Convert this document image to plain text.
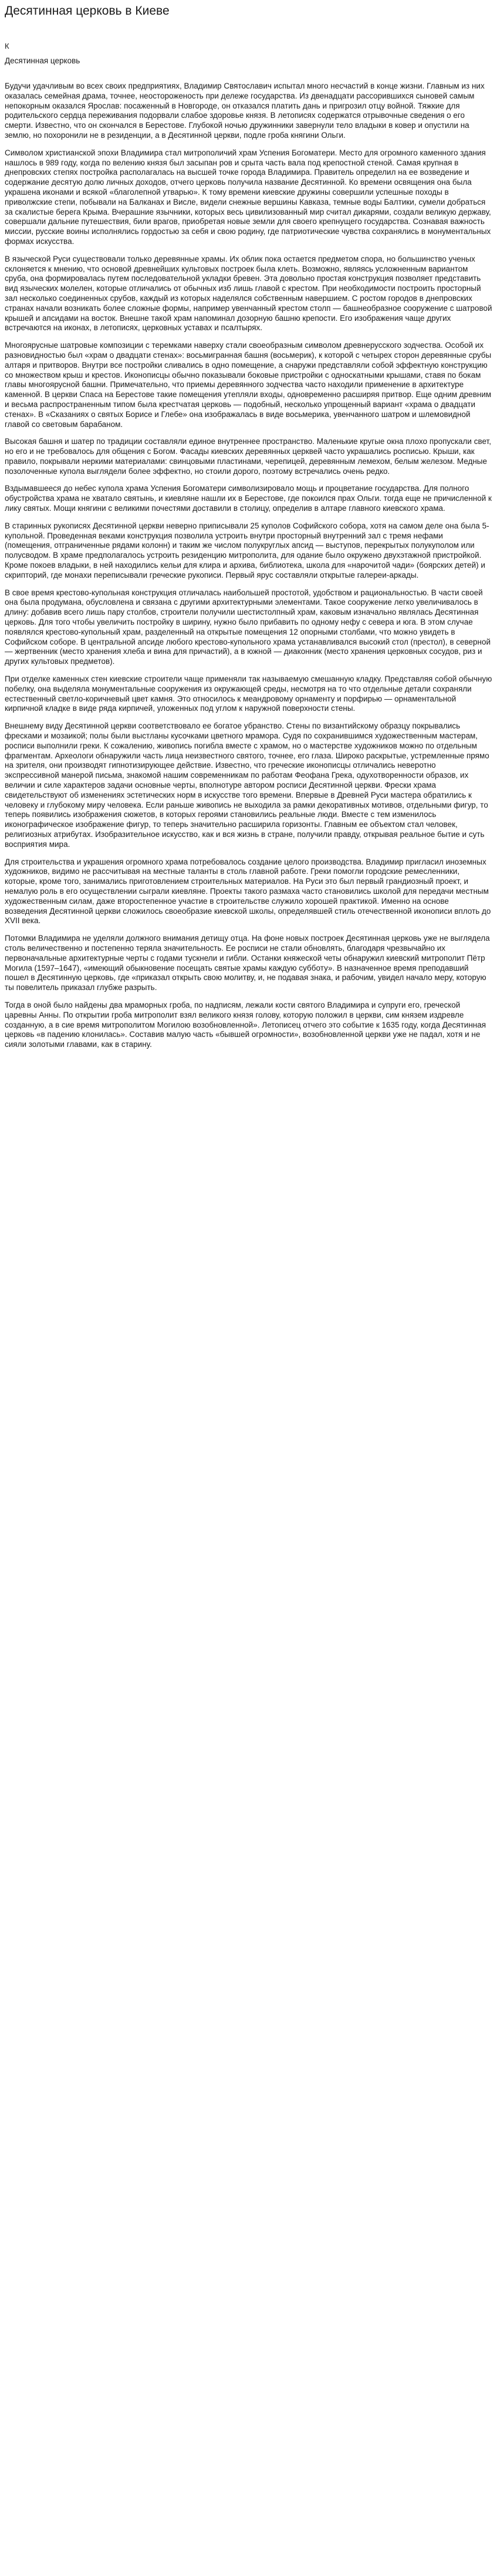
Десятинная церковь в Киеве
К
Десятинная церковь

Будучи удачливым во всех своих предприятиях, Владимир Святославич испытал много несчастий в конце жизни. Главным из них оказалась семейная драма, точнее, неостороженость при дележе государства. Из двенадцати рассорившихся сыновей самым непокорным оказался Ярослав: посаженный в Новгороде, он отказался платить дань и пригрозил отцу войной. Тяжкие для родительского сердца переживания подорвали слабое здоровье князя. В летописях содержатся отрывочные сведения о его смерти. Известно, что он скончался в Берестове. Глубокой ночью дружинники завернули тело владыки в ковер и опустили на землю, но похоронили не в резиденции, а в Десятинной церкви, подле гроба княгини Ольги.

Символом христианской эпохи Владимира стал митрополичий храм Успения Богоматери. Место для огромного каменного здания нашлось в 989 году, когда по велению князя был засыпан ров и срыта часть вала под крепостной стеной. Самая крупная в днепровских степях постройка располагалась на высшей точке города Владимира. Правитель определил на ее возведение и содержание десятую долю личных доходов, отчего церковь получила название Десятинной. Ко времени освящения она была украшена иконами и всякой «благолепной утварью». К тому времени киевские дружины совершили успешные походы в приволжские степи, побывали на Балканах и Висле, видели снежные вершины Кавказа, темные воды Балтики, сумели добраться за скалистые берега Крыма. Вчерашние язычники, которых весь цивилизованный мир считал дикарями, создали великую державу, совершали дальние путешествия, били врагов, приобретая новые земли для своего крепнущего государства. Сознавая важность миссии, русские воины исполнялись гордостью за себя и свою родину, где патриотические чувства сохранялись в монументальных формах искусства.

В языческой Руси существовали только деревянные храмы. Их облик пока остается предметом спора, но большинство ученых склоняется к мнению, что основой древнейших культовых построек была клеть. Возможно, являясь усложненным вариантом сруба, она формировалась путем последовательной укладки бревен. Эта довольно простая конструкция позволяет представить вид языческих молелен, которые отличались от обычных изб лишь главой с крестом. При необходимости построить просторный зал несколько соединенных срубов, каждый из которых наделялся собственным навершием. С ростом городов в днепровских странах начали возникать более сложные формы, например увенчанный крестом столп — башнеобразное сооружение с шатровой крышей и апсидами на восток. Внешне такой храм напоминал дозорную башню крепости. Его изображения чаще других встречаются на иконах, в летописях, церковных уставах и псалтырях.

Многоярусные шатровые композиции с теремками наверху стали своеобразным символом древнерусского зодчества. Особой их разновидностью был «храм о двадцати стенах»: восьмигранная башня (восьмерик), к которой с четырех сторон деревянные срубы алтаря и притворов. Внутри все постройки сливались в одно помещение, а снаружи представляли собой эффектную конструкцию со множеством крыш и крестов. Иконописцы обычно показывали боковые пристройки с односкатными крышами, ставя по бокам главы многоярусной башни. Примечательно, что приемы деревянного зодчества часто находили применение в архитектуре каменной. В церкви Спаса на Берестове такие помещения утепляли входы, одновременно расширяя притвор. Еще одним древним и весьма распространенным типом была крестчатая церковь — подобный, несколько упрощенный вариант «храма о двадцати стенах». В «Сказаниях о святых Борисе и Глебе» она изображалась в виде восьмерика, увенчанного шатром и шлемовидной главой со световым барабаном.

Высокая башня и шатер по традиции составляли единое внутреннее пространство. Маленькие кругые окна плохо пропускали свет, но его и не требовалось для общения с Богом. Фасады киевских деревянных церквей часто украшались росписью. Крыши, как правило, покрывали неркими материалами: свинцовыми пластинами, черепицей, деревянным лемехом, белым железом. Медные позолоченные купола выглядели более эффектно, но стоили дорого, поэтому встречались очень редко.

Вздымавшееся до небес купола храма Успения Богоматери символизировало мощь и процветание государства. Для полного обустройства храма не хватало святынь, и киевляне нашли их в Берестове, где покоился прах Ольги. тогда еще не причисленной к лику святых. Мощи княгини с великими почестями доставили в столицу, определив в алтаре главного киевского храма.

В старинных рукописях Десятинной церкви неверно приписывали 25 куполов Софийского собора, хотя на самом деле она была 5-купольной. Проведенная веками конструкция позволила устроить внутри просторный внутренний зал с тремя нефами (помещения, отграниченные рядами колонн) и таким же числом полукруглых апсид — выступов, перекрытых полукуполом или полусводом. В храме предполагалось устроить резиденцию митрополита, для одание было окружено двухэтажной пристройкой. Кроме покоев владыки, в ней находились кельи для клира и архива, библиотека, школа для «нарочитой чади» (боярских детей) и скрипторий, где монахи переписывали греческие рукописи. Первый ярус составляли открытые галереи-аркады.

В свое время крестово-купольная конструкция отличалась наибольшей простотой, удобством и рациональностью. В части своей она была продумана, обусловлена и связана с другими архитектурными элементами. Такое сооружение легко увеличивалось в длину: добавив всего лишь пару столбов, строители получили шестистолпный храм, каковым изначально являлась Десятинная церковь. Для того чтобы увеличить постройку в ширину, нужно было прибавить по одному нефу с севера и юга. В этом случае появлялся крестово-купольный храм, разделенный на открытые помещения 12 опорными столбами, что можно увидеть в Софийском соборе. В центральной апсиде любого крестово-купольного храма устанавливался высокий стол (престол), в северной — жертвенник (место хранения хлеба и вина для причастий), а в южной — диаконник (место хранения церковных сосудов, риз и других культовых предметов).

При отделке каменных стен киевские строители чаще применяли так называемую смешанную кладку. Представляя собой обычную побелку, она выделяла монументальные сооружения из окружающей среды, несмотря на то что отдельные детали сохраняли естественный светло-коричневый цвет камня. Это относилось к меандровому орнаменту и порфирью — орнаментальной кирпичной кладке в виде ряда кирпичей, уложенных под углом к наружной поверхности стены.

Внешнему виду Десятинной церкви соответствовало ее богатое убранство. Стены по византийскому образцу покрывались фресками и мозаикой; полы были выстланы кусочками цветного мрамора. Судя по сохранившимся художественным мастерам, росписи выполнили греки. К сожалению, живопись погибла вместе с храмом, но о мастерстве художников можно по отдельным фрагментам. Археологи обнаружили часть лица неизвестного святого, точнее, его глаза. Широко раскрытые, устремленные прямо на зрителя, они производят гипнотизирующее действие. Известно, что греческие иконописцы отличались неверотно экспрессивной манерой письма, знакомой нашим современникам по работам Феофана Грека, одухотворенности образов, их величии и силе характеров задачи основные черты, вполнотуре автором росписи Десятинной церкви. Фрески храма свидетельствуют об изменениях эстетических норм в искусстве того времени. Впервые в Древней Руси мастера обратились к человеку и глубокому миру человека. Если раньше живопись не выходила за рамки декоративных мотивов, отдельными фигур, то теперь появились изображения сюжетов, в которых героями становились реальные люди. Вместе с тем изменилось иконографическое изображение фигур, то теперь значительно расширила горизонты. Главным ее объектом стал человек, религиозных атрибутах. Изобразительное искусство, как и вся жизнь в стране, получили правду, открывая реальное бытие и суть восприятия мира.

Для строительства и украшения огромного храма потребовалось создание целого производства. Владимир пригласил иноземных художников, видимо не рассчитывая на местные таланты в столь главной работе. Греки помогли городские ремесленники, которые, кроме того, занимались приготовлением строительных материалов. На Руси это был первый грандиозный проект, и немалую роль в его осуществлении сыграли киевляне. Проекты такого размаха часто становились школой для передачи местным художественным силам, даже второстепенное участие в строительстве служило хорошей практикой. Именно на основе возведения Десятинной церкви сложилось своеобразие киевской школы, определявшей стиль отечественной иконописи вплоть до XVII века.

Потомки Владимира не уделяли должного внимания детищу отца. На фоне новых построек Десятинная церковь уже не выглядела столь величественно и постепенно теряла значительность. Ее росписи не стали обновлять, благодаря чрезвычайно их первоначальные архитектурные черты с годами тускнели и гибли. Останки княжеской четы обнаружил киевский митрополит Пётр Могила (1597–1647), «имеющий обыкновение посещать святые храмы каждую субботу». В назначенное время преподавший пошел в Десятинную церковь, где «приказал открыть свою молитву, и, не подавая знака, и рабочим, увидел начало меру, которую ты повелитель приказал глубже разрыть.

Тогда в оной было найдены два мраморных гроба, по надписям, лежали кости святого Владимира и супруги его, греческой царевны Анны. По открытии гроба митрополит взял великого князя голову, которую положил в церкви, сим князем издревле созданную, а в сие время митрополитом Могилою возобновленной». Летописец отчего это событие к 1635 году, когда Десятинная церковь «в падению клонилась». Составив малую часть «бывшей огромности», возобновленной церкви уже не падал, хотя и не сияли золотыми главами, как в старину.
